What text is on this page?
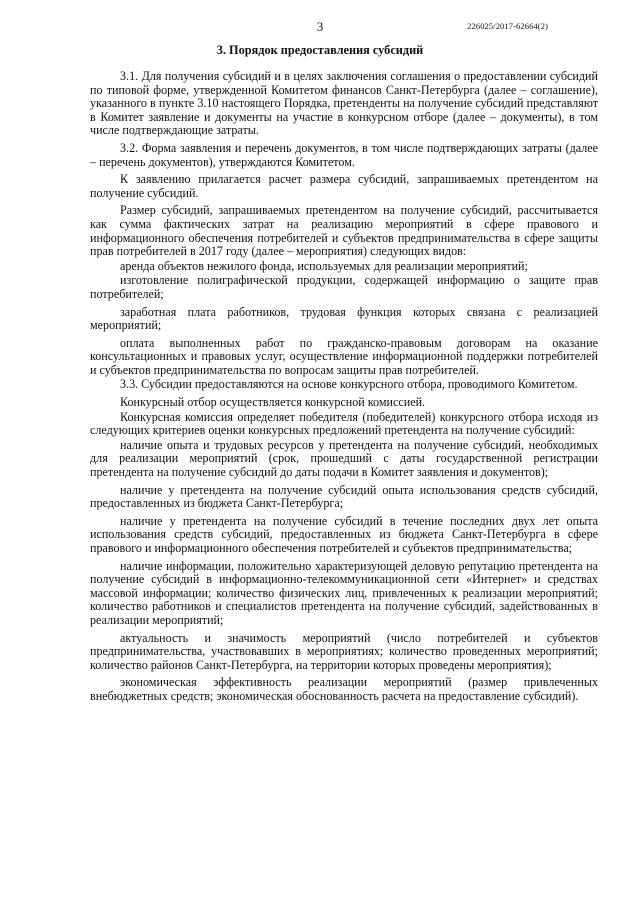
3	226025/2017-62664(2)

3. Порядок предоставления субсидий

3.1. Для получения субсидий и в целях заключения соглашения о предоставлении субсидий по типовой форме, утвержденной Комитетом финансов Санкт-Петербурга (далее – соглашение), указанного в пункте 3.10 настоящего Порядка, претенденты на получение субсидий представляют в Комитет заявление и документы на участие в конкурсном отборе (далее – документы), в том числе подтверждающие затраты.

3.2. Форма заявления и перечень документов, в том числе подтверждающих затраты (далее – перечень документов), утверждаются Комитетом.

К заявлению прилагается расчет размера субсидий, запрашиваемых претендентом на получение субсидий.

Размер субсидий, запрашиваемых претендентом на получение субсидий, рассчитывается как сумма фактических затрат на реализацию мероприятий в сфере правового и информационного обеспечения потребителей и субъектов предпринимательства в сфере защиты прав потребителей в 2017 году (далее – мероприятия) следующих видов:

аренда объектов нежилого фонда, используемых для реализации мероприятий;

изготовление полиграфической продукции, содержащей информацию о защите прав потребителей;

заработная плата работников, трудовая функция которых связана с реализацией мероприятий;

оплата выполненных работ по гражданско-правовым договорам на оказание консультационных и правовых услуг, осуществление информационной поддержки потребителей и субъектов предпринимательства по вопросам защиты прав потребителей.

3.3. Субсидии предоставляются на основе конкурсного отбора, проводимого Комитетом.

Конкурсный отбор осуществляется конкурсной комиссией.

Конкурсная комиссия определяет победителя (победителей) конкурсного отбора исходя из следующих критериев оценки конкурсных предложений претендента на получение субсидий:

наличие опыта и трудовых ресурсов у претендента на получение субсидий, необходимых для реализации мероприятий (срок, прошедший с даты государственной регистрации претендента на получение субсидий до даты подачи в Комитет заявления и документов);

наличие у претендента на получение субсидий опыта использования средств субсидий, предоставленных из бюджета Санкт-Петербурга;

наличие у претендента на получение субсидий в течение последних двух лет опыта использования средств субсидий, предоставленных из бюджета Санкт-Петербурга в сфере правового и информационного обеспечения потребителей и субъектов предпринимательства;

наличие информации, положительно характеризующей деловую репутацию претендента на получение субсидий в информационно-телекоммуникационной сети «Интернет» и средствах массовой информации; количество физических лиц, привлеченных к реализации мероприятий; количество работников и специалистов претендента на получение субсидий, задействованных в реализации мероприятий;

актуальность и значимость мероприятий (число потребителей и субъектов предпринимательства, участвовавших в мероприятиях; количество проведенных мероприятий; количество районов Санкт-Петербурга, на территории которых проведены мероприятия);

экономическая эффективность реализации мероприятий (размер привлеченных внебюджетных средств; экономическая обоснованность расчета на предоставление субсидий).
